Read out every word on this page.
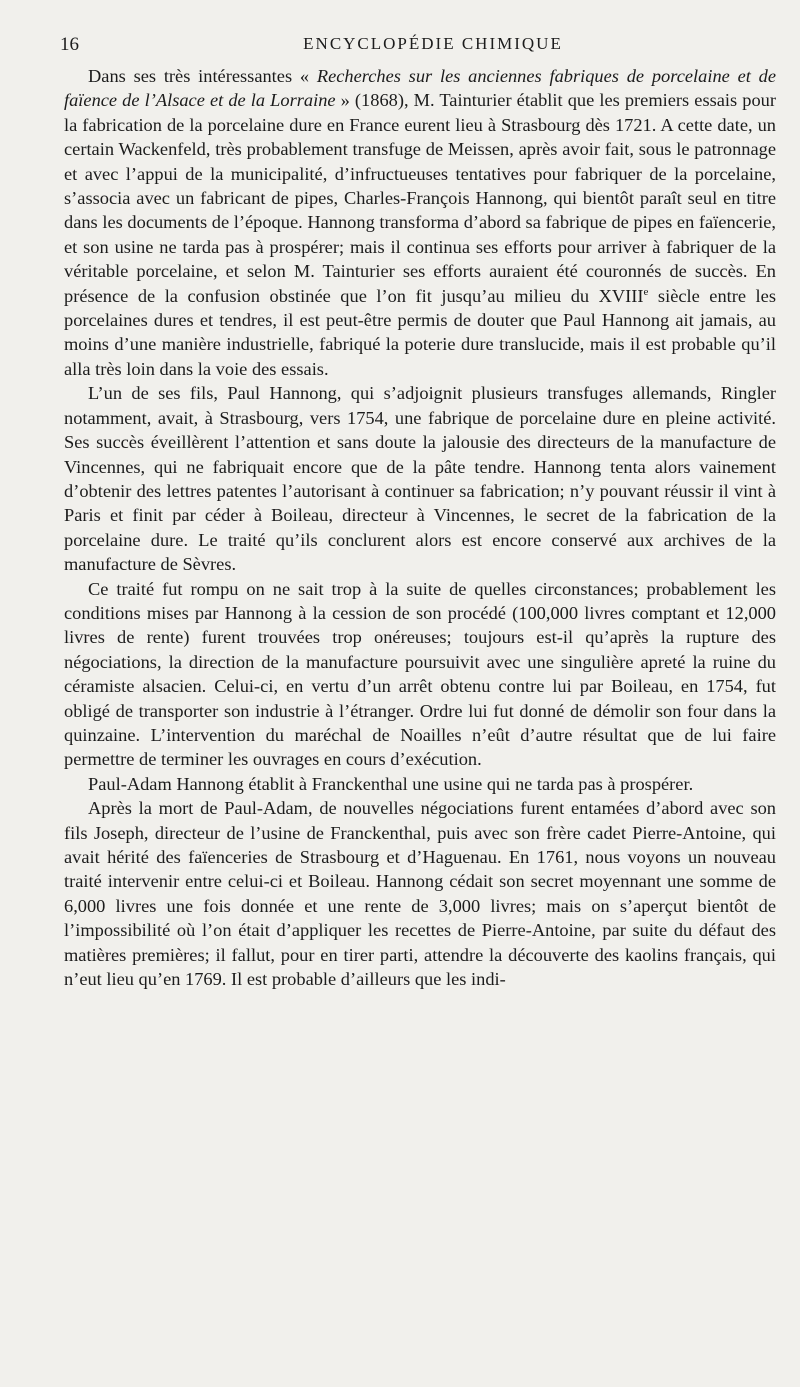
16	ENCYCLOPÉDIE CHIMIQUE

Dans ses très intéressantes « Recherches sur les anciennes fabriques de porcelaine et de faïence de l’Alsace et de la Lorraine » (1868), M. Tainturier établit que les premiers essais pour la fabrication de la porcelaine dure en France eurent lieu à Strasbourg dès 1721. A cette date, un certain Wackenfeld, très probablement transfuge de Meissen, après avoir fait, sous le patronnage et avec l’appui de la municipalité, d’infructueuses tentatives pour fabriquer de la porcelaine, s’associa avec un fabricant de pipes, Charles-François Hannong, qui bientôt paraît seul en titre dans les documents de l’époque. Hannong transforma d’abord sa fabrique de pipes en faïencerie, et son usine ne tarda pas à prospérer; mais il continua ses efforts pour arriver à fabriquer de la véritable porcelaine, et selon M. Tainturier ses efforts auraient été couronnés de succès. En présence de la confusion obstinée que l’on fit jusqu’au milieu du XVIIIe siècle entre les porcelaines dures et tendres, il est peut-être permis de douter que Paul Hannong ait jamais, au moins d’une manière industrielle, fabriqué la poterie dure translucide, mais il est probable qu’il alla très loin dans la voie des essais.

L’un de ses fils, Paul Hannong, qui s’adjoignit plusieurs transfuges allemands, Ringler notamment, avait, à Strasbourg, vers 1754, une fabrique de porcelaine dure en pleine activité. Ses succès éveillèrent l’attention et sans doute la jalousie des directeurs de la manufacture de Vincennes, qui ne fabriquait encore que de la pâte tendre. Hannong tenta alors vainement d’obtenir des lettres patentes l’autorisant à continuer sa fabrication; n’y pouvant réussir il vint à Paris et finit par céder à Boileau, directeur à Vincennes, le secret de la fabrication de la porcelaine dure. Le traité qu’ils conclurent alors est encore conservé aux archives de la manufacture de Sèvres.

Ce traité fut rompu on ne sait trop à la suite de quelles circonstances; probablement les conditions mises par Hannong à la cession de son procédé (100,000 livres comptant et 12,000 livres de rente) furent trouvées trop onéreuses; toujours est-il qu’après la rupture des négociations, la direction de la manufacture poursuivit avec une singulière apreté la ruine du céramiste alsacien. Celui-ci, en vertu d’un arrêt obtenu contre lui par Boileau, en 1754, fut obligé de transporter son industrie à l’étranger. Ordre lui fut donné de démolir son four dans la quinzaine. L’intervention du maréchal de Noailles n’eût d’autre résultat que de lui faire permettre de terminer les ouvrages en cours d’exécution.

Paul-Adam Hannong établit à Franckenthal une usine qui ne tarda pas à prospérer.

Après la mort de Paul-Adam, de nouvelles négociations furent entamées d’abord avec son fils Joseph, directeur de l’usine de Franckenthal, puis avec son frère cadet Pierre-Antoine, qui avait hérité des faïenceries de Strasbourg et d’Haguenau. En 1761, nous voyons un nouveau traité intervenir entre celui-ci et Boileau. Hannong cédait son secret moyennant une somme de 6,000 livres une fois donnée et une rente de 3,000 livres; mais on s’aperçut bientôt de l’impossibilité où l’on était d’appliquer les recettes de Pierre-Antoine, par suite du défaut des matières premières; il fallut, pour en tirer parti, attendre la découverte des kaolins français, qui n’eut lieu qu’en 1769. Il est probable d’ailleurs que les indi-
